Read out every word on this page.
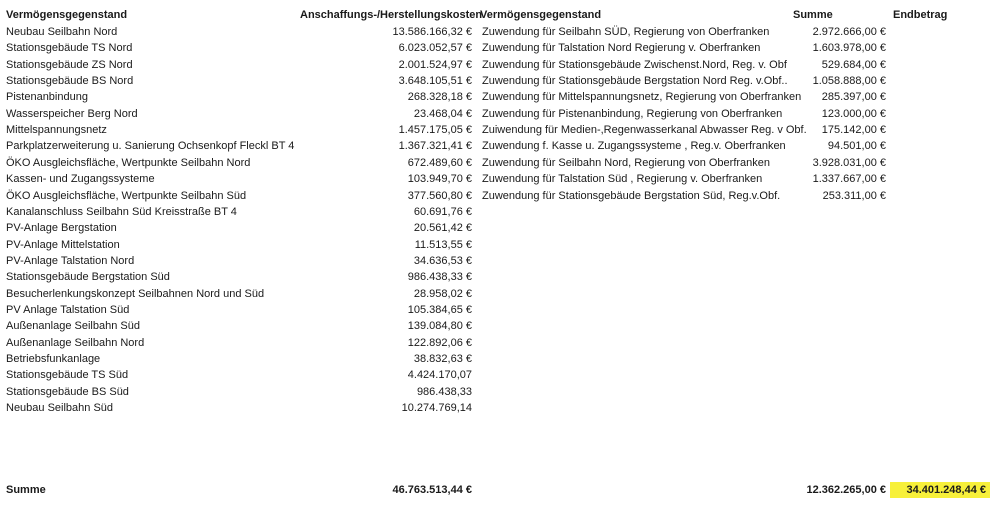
Vermögensgegenstand	Anschaffungs-/Herstellungskosten
Vermögensgegenstand	Summe	Endbetrag
Neubau Seilbahn Nord	13.586.166,32 €
Stationsgebäude TS Nord	6.023.052,57 €
Stationsgebäude ZS Nord	2.001.524,97 €
Stationsgebäude BS Nord	3.648.105,51 €
Pistenanbindung	268.328,18 €
Wasserspeicher Berg Nord	23.468,04 €
Mittelspannungsnetz	1.457.175,05 €
Parkplatzerweiterung u. Sanierung Ochsenkopf Fleckl BT 4	1.367.321,41 €
ÖKO Ausgleichsfläche, Wertpunkte Seilbahn Nord	672.489,60 €
Kassen- und Zugangssysteme	103.949,70 €
ÖKO Ausgleichsfläche, Wertpunkte Seilbahn Süd	377.560,80 €
Kanalanschluss Seilbahn Süd Kreisstraße BT 4	60.691,76 €
PV-Anlage Bergstation	20.561,42 €
PV-Anlage Mittelstation	11.513,55 €
PV-Anlage Talstation Nord	34.636,53 €
Stationsgebäude Bergstation Süd	986.438,33 €
Besucherlenkungskonzept Seilbahnen Nord und Süd	28.958,02 €
PV Anlage Talstation Süd	105.384,65 €
Außenanlage Seilbahn Süd	139.084,80 €
Außenanlage Seilbahn Nord	122.892,06 €
Betriebsfunkanlage	38.832,63 €
Stationsgebäude TS Süd	4.424.170,07
Stationsgebäude BS Süd	986.438,33
Neubau Seilbahn Süd	10.274.769,14
Zuwendung für Seilbahn SÜD, Regierung von Oberfranken	2.972.666,00 €
Zuwendung für Talstation Nord Regierung v. Oberfranken	1.603.978,00 €
Zuwendung für Stationsgebäude Zwischenst.Nord, Reg. v. Obf	529.684,00 €
Zuwendung für Stationsgebäude Bergstation Nord Reg. v.Obf..	1.058.888,00 €
Zuwendung für Mittelspannungsnetz, Regierung von Oberfranken	285.397,00 €
Zuwendung für Pistenanbindung, Regierung von Oberfranken	123.000,00 €
Zuiwendung für Medien-,Regenwasserkanal Abwasser Reg. v Obf.	175.142,00 €
Zuwendung f. Kasse u. Zugangssysteme , Reg.v. Oberfranken	94.501,00 €
Zuwendung für Seilbahn Nord, Regierung von Oberfranken	3.928.031,00 €
Zuwendung für Talstation Süd , Regierung v. Oberfranken	1.337.667,00 €
Zuwendung für Stationsgebäude Bergstation Süd, Reg.v.Obf.	253.311,00 €
Summe	46.763.513,44 €	12.362.265,00 €	34.401.248,44 €
